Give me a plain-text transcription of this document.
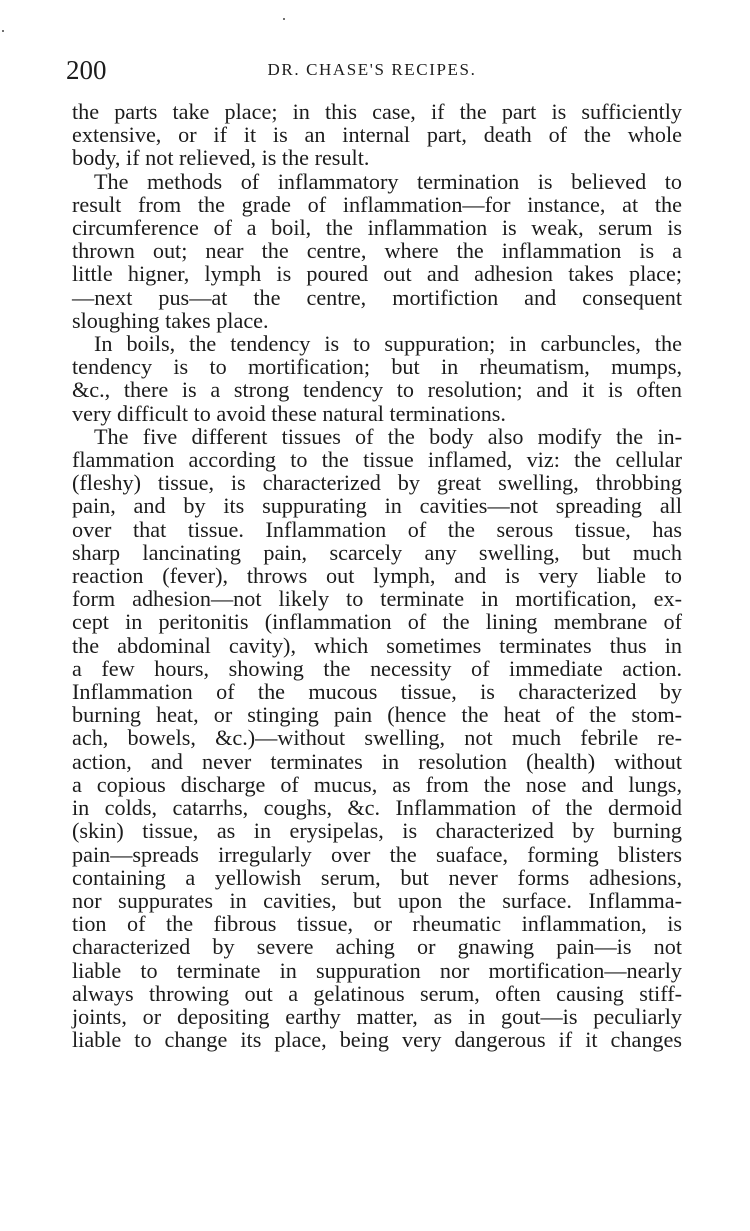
200	DR. CHASE'S RECIPES.
the parts take place; in this case, if the part is sufficiently
extensive, or if it is an internal part, death of the whole
body, if not relieved, is the result.
The methods of inflammatory termination is believed to
result from the grade of inflammation—for instance, at the
circumference of a boil, the inflammation is weak, serum is
thrown out; near the centre, where the inflammation is a
little higner, lymph is poured out and adhesion takes place;
—next pus—at the centre, mortifiction and consequent
sloughing takes place.
In boils, the tendency is to suppuration; in carbuncles, the
tendency is to mortification; but in rheumatism, mumps,
&c., there is a strong tendency to resolution; and it is often
very difficult to avoid these natural terminations.
The five different tissues of the body also modify the in-
flammation according to the tissue inflamed, viz: the cellular
(fleshy) tissue, is characterized by great swelling, throbbing
pain, and by its suppurating in cavities—not spreading all
over that tissue. Inflammation of the serous tissue, has
sharp lancinating pain, scarcely any swelling, but much
reaction (fever), throws out lymph, and is very liable to
form adhesion—not likely to terminate in mortification, ex-
cept in peritonitis (inflammation of the lining membrane of
the abdominal cavity), which sometimes terminates thus in
a few hours, showing the necessity of immediate action.
Inflammation of the mucous tissue, is characterized by
burning heat, or stinging pain (hence the heat of the stom-
ach, bowels, &c.)—without swelling, not much febrile re-
action, and never terminates in resolution (health) without
a copious discharge of mucus, as from the nose and lungs,
in colds, catarrhs, coughs, &c. Inflammation of the dermoid
(skin) tissue, as in erysipelas, is characterized by burning
pain—spreads irregularly over the suaface, forming blisters
containing a yellowish serum, but never forms adhesions,
nor suppurates in cavities, but upon the surface. Inflamma-
tion of the fibrous tissue, or rheumatic inflammation, is
characterized by severe aching or gnawing pain—is not
liable to terminate in suppuration nor mortification—nearly
always throwing out a gelatinous serum, often causing stiff-
joints, or depositing earthy matter, as in gout—is peculiarly
liable to change its place, being very dangerous if it changes
